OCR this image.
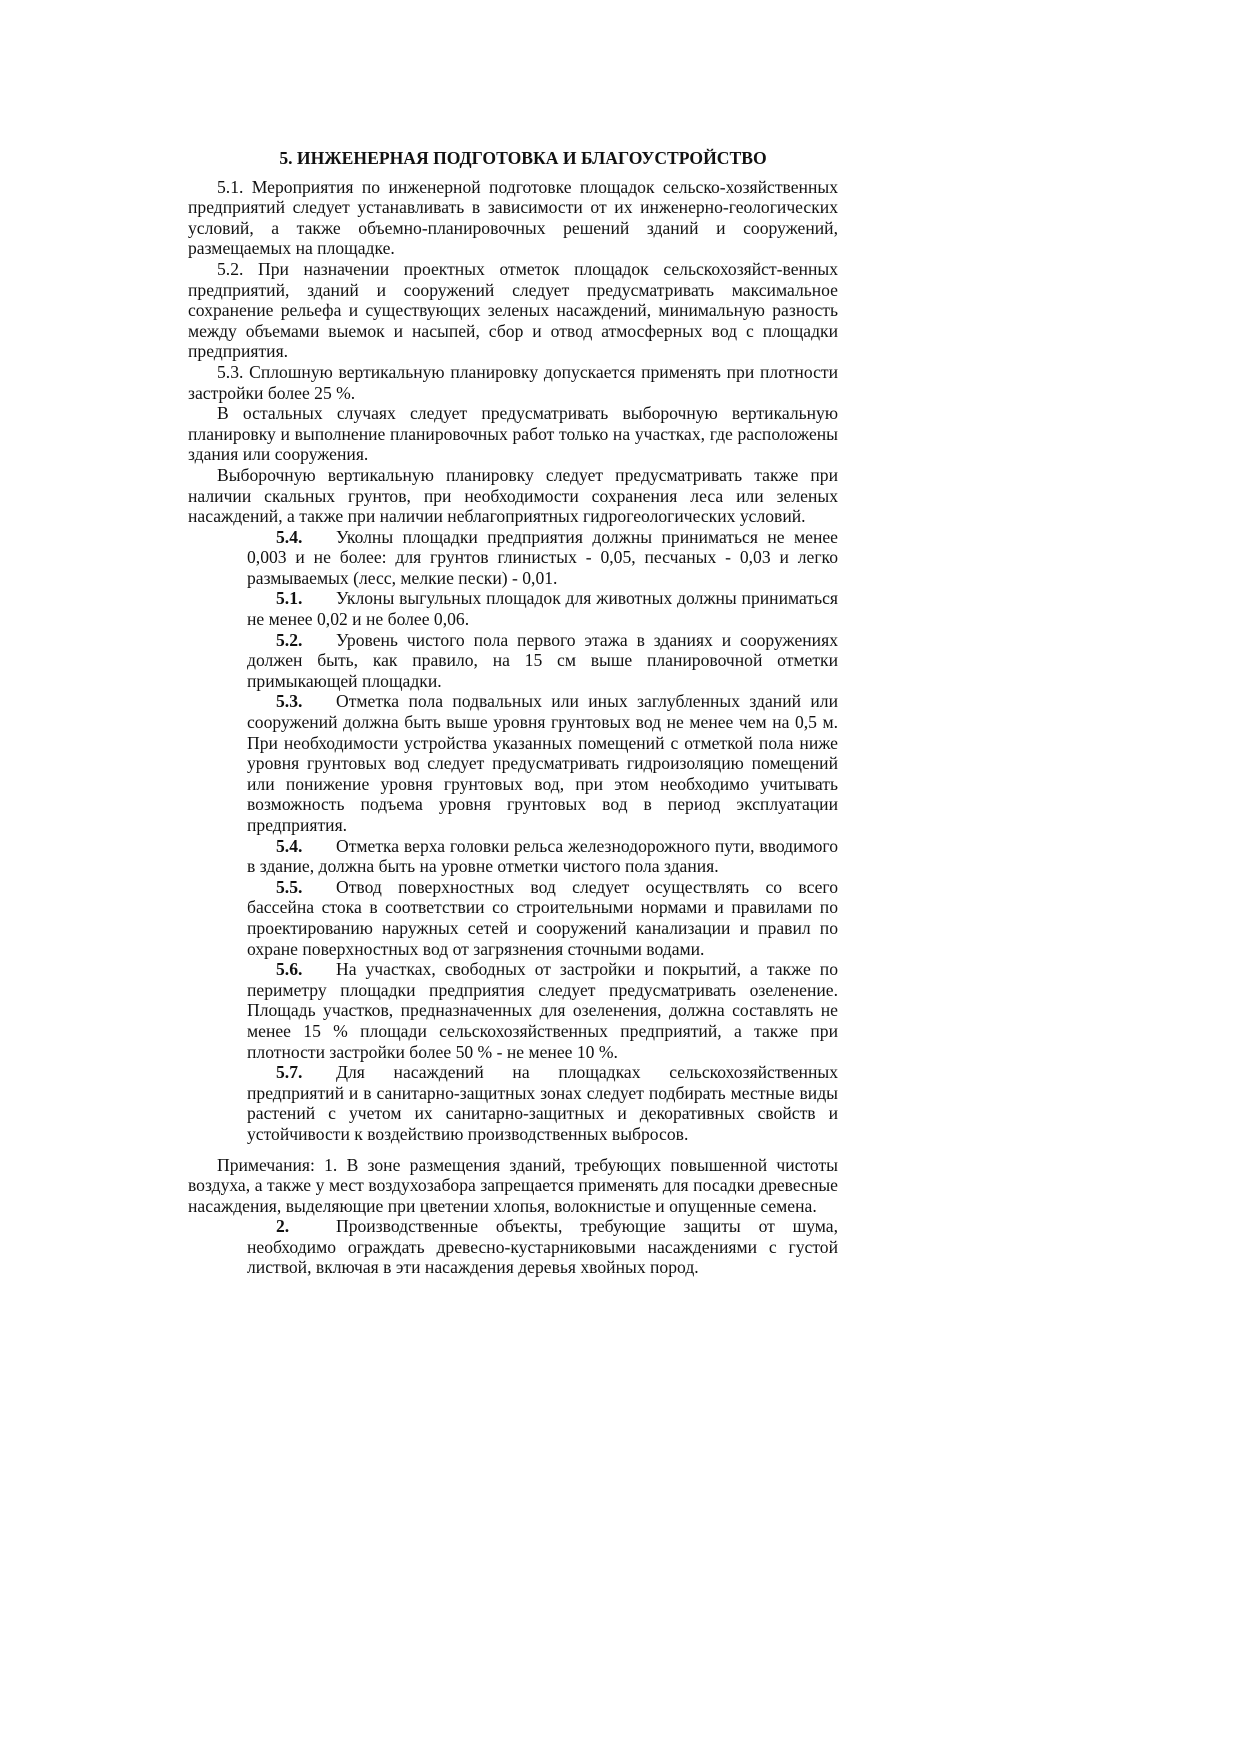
5. ИНЖЕНЕРНАЯ ПОДГОТОВКА И БЛАГОУСТРОЙСТВО

5.1. Мероприятия по инженерной подготовке площадок сельско-хозяйственных предприятий следует устанавливать в зависимости от их инженерно-геологических условий, а также объемно-планировочных решений зданий и сооружений, размещаемых на площадке.

5.2. При назначении проектных отметок площадок сельскохозяйст-венных предприятий, зданий и сооружений следует предусматривать максимальное сохранение рельефа и существующих зеленых насаждений, минимальную разность между объемами выемок и насыпей, сбор и отвод атмосферных вод с площадки предприятия.

5.3. Сплошную вертикальную планировку допускается применять при плотности застройки более 25 %.

В остальных случаях следует предусматривать выборочную вертикальную планировку и выполнение планировочных работ только на участках, где расположены здания или сооружения.

Выборочную вертикальную планировку следует предусматривать также при наличии скальных грунтов, при необходимости сохранения леса или зеленых насаждений, а также при наличии неблагоприятных гидрогеологических условий.

5.4. Уколны площадки предприятия должны приниматься не менее 0,003 и не более: для грунтов глинистых - 0,05, песчаных - 0,03 и легко размываемых (лесс, мелкие пески) - 0,01.

5.1. Уклоны выгульных площадок для животных должны приниматься не менее 0,02 и не более 0,06.

5.2. Уровень чистого пола первого этажа в зданиях и сооружениях должен быть, как правило, на 15 см выше планировочной отметки примыкающей площадки.

5.3. Отметка пола подвальных или иных заглубленных зданий или сооружений должна быть выше уровня грунтовых вод не менее чем на 0,5 м. При необходимости устройства указанных помещений с отметкой пола ниже уровня грунтовых вод следует предусматривать гидроизоляцию помещений или понижение уровня грунтовых вод, при этом необходимо учитывать возможность подъема уровня грунтовых вод в период эксплуатации предприятия.

5.4. Отметка верха головки рельса железнодорожного пути, вводимого в здание, должна быть на уровне отметки чистого пола здания.

5.5. Отвод поверхностных вод следует осуществлять со всего бассейна стока в соответствии со строительными нормами и правилами по проектированию наружных сетей и сооружений канализации и правил по охране поверхностных вод от загрязнения сточными водами.

5.6. На участках, свободных от застройки и покрытий, а также по периметру площадки предприятия следует предусматривать озеленение. Площадь участков, предназначенных для озеленения, должна составлять не менее 15 % площади сельскохозяйственных предприятий, а также при плотности застройки более 50 % - не менее 10 %.

5.7. Для насаждений на площадках сельскохозяйственных предприятий и в санитарно-защитных зонах следует подбирать местные виды растений с учетом их санитарно-защитных и декоративных свойств и устойчивости к воздействию производственных выбросов.

Примечания: 1. В зоне размещения зданий, требующих повышенной чистоты воздуха, а также у мест воздухозабора запрещается применять для посадки древесные насаждения, выделяющие при цветении хлопья, волокнистые и опущенные семена.

2.	Производственные объекты, требующие защиты от шума, необходимо ограждать древесно-кустарниковыми насаждениями с густой листвой, включая в эти насаждения деревья хвойных пород.
